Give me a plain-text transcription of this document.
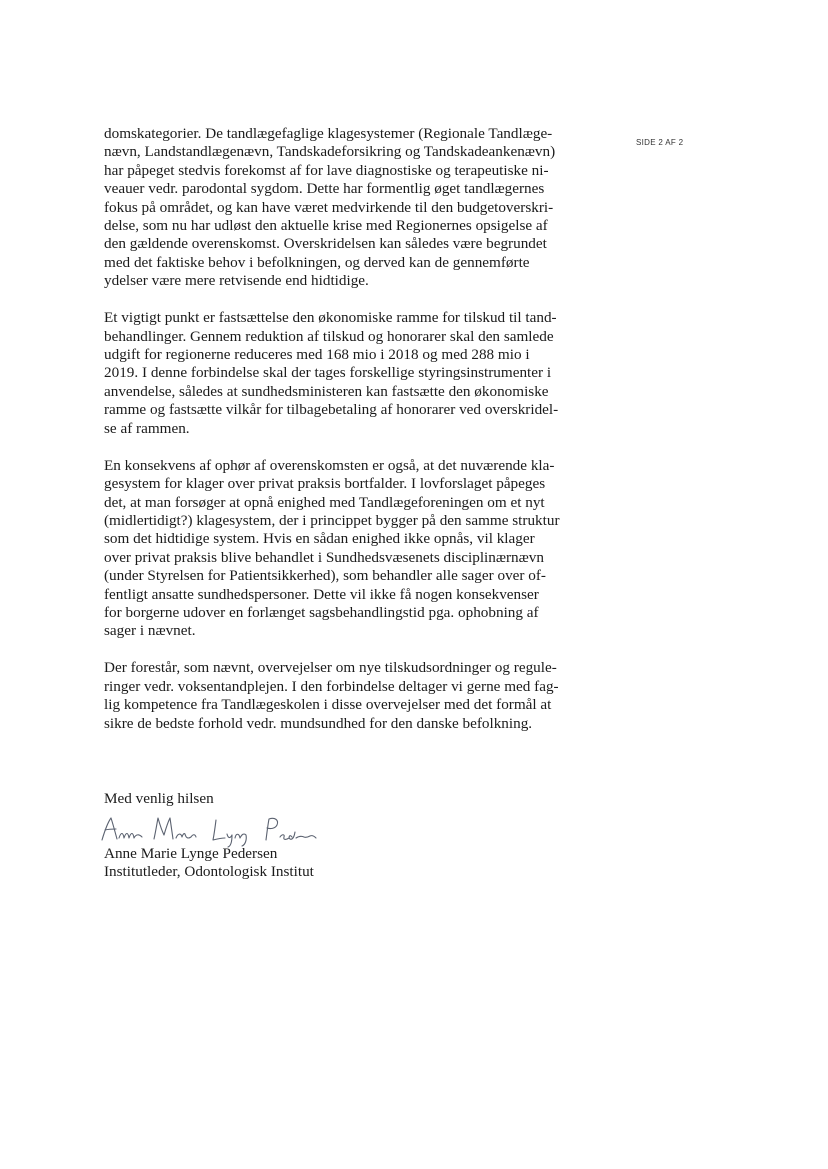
SIDE 2 AF 2
domskategorier. De tandlægefaglige klagesystemer (Regionale Tandlæge-
nævn, Landstandlægenævn, Tandskadeforsikring og Tandskadeankenævn)
har påpeget stedvis forekomst af for lave diagnostiske og terapeutiske ni-
veauer vedr. parodontal sygdom. Dette har formentlig øget tandlægernes
fokus på området, og kan have været medvirkende til den budgetoverskri-
delse, som nu har udløst den aktuelle krise med Regionernes opsigelse af
den gældende overenskomst. Overskridelsen kan således være begrundet
med det faktiske behov i befolkningen, og derved kan de gennemførte
ydelser være mere retvisende end hidtidige.
Et vigtigt punkt er fastsættelse den økonomiske ramme for tilskud til tand-
behandlinger. Gennem reduktion af tilskud og honorarer skal den samlede
udgift for regionerne reduceres med 168 mio i 2018 og med 288 mio i
2019. I denne forbindelse skal der tages forskellige styringsinstrumenter i
anvendelse, således at sundhedsministeren kan fastsætte den økonomiske
ramme og fastsætte vilkår for tilbagebetaling af honorarer ved overskridel-
se af rammen.
En konsekvens af ophør af overenskomsten er også, at det nuværende kla-
gesystem for klager over privat praksis bortfalder. I lovforslaget påpeges
det, at man forsøger at opnå enighed med Tandlægeforeningen om et nyt
(midlertidigt?) klagesystem, der i princippet bygger på den samme struktur
som det hidtidige system. Hvis en sådan enighed ikke opnås, vil klager
over privat praksis blive behandlet i Sundhedsvæsenets disciplinærnævn
(under Styrelsen for Patientsikkerhed), som behandler alle sager over of-
fentligt ansatte sundhedspersoner. Dette vil ikke få nogen konsekvenser
for borgerne udover en forlænget sagsbehandlingstid pga. ophobning af
sager i nævnet.
Der forestår, som nævnt, overvejelser om nye tilskudsordninger og regule-
ringer vedr. voksentandplejen. I den forbindelse deltager vi gerne med fag-
lig kompetence fra Tandlægeskolen i disse overvejelser med det formål at
sikre de bedste forhold vedr. mundsundhed for den danske befolkning.
Med venlig hilsen
Anne Marie Lynge Pedersen
Institutleder, Odontologisk Institut
